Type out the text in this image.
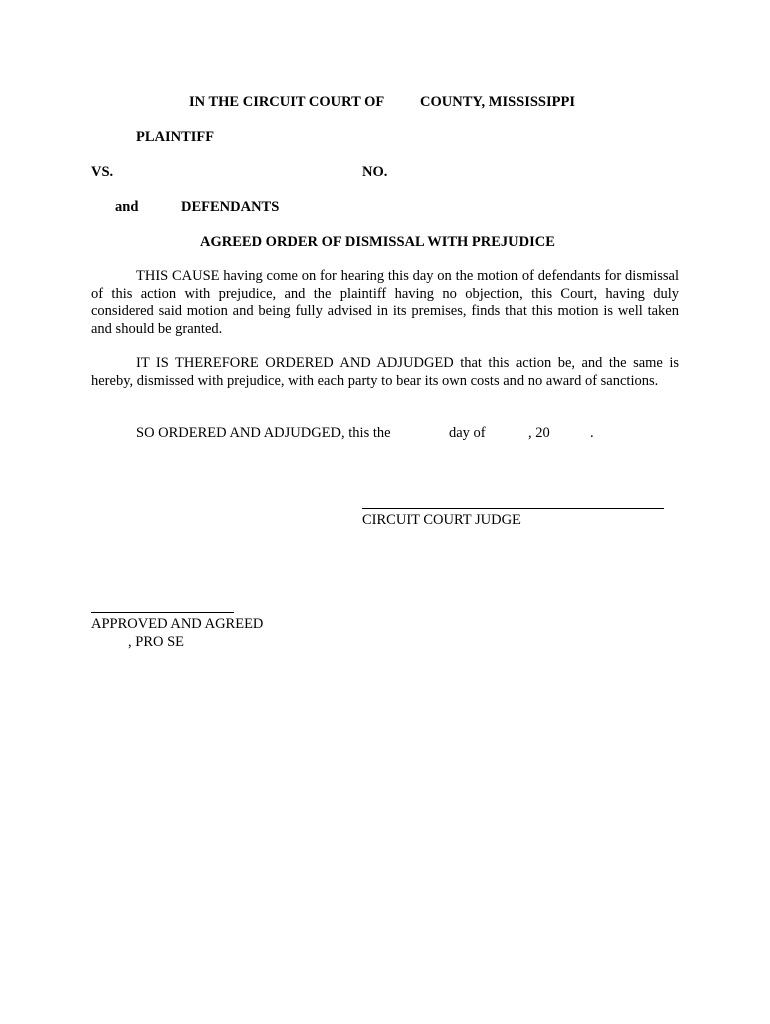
IN THE CIRCUIT COURT OF COUNTY, MISSISSIPPI
PLAINTIFF
VS.	NO.
and	DEFENDANTS
AGREED ORDER OF DISMISSAL WITH PREJUDICE
THIS CAUSE having come on for hearing this day on the motion of defendants for dismissal of this action with prejudice, and the plaintiff having no objection, this Court, having duly considered said motion and being fully advised in its premises, finds that this motion is well taken and should be granted.
IT IS THEREFORE ORDERED AND ADJUDGED that this action be, and the same is hereby, dismissed with prejudice, with each party to bear its own costs and no award of sanctions.
SO ORDERED AND ADJUDGED, this the	day of	, 20	.
CIRCUIT COURT JUDGE
APPROVED AND AGREED
, PRO SE
